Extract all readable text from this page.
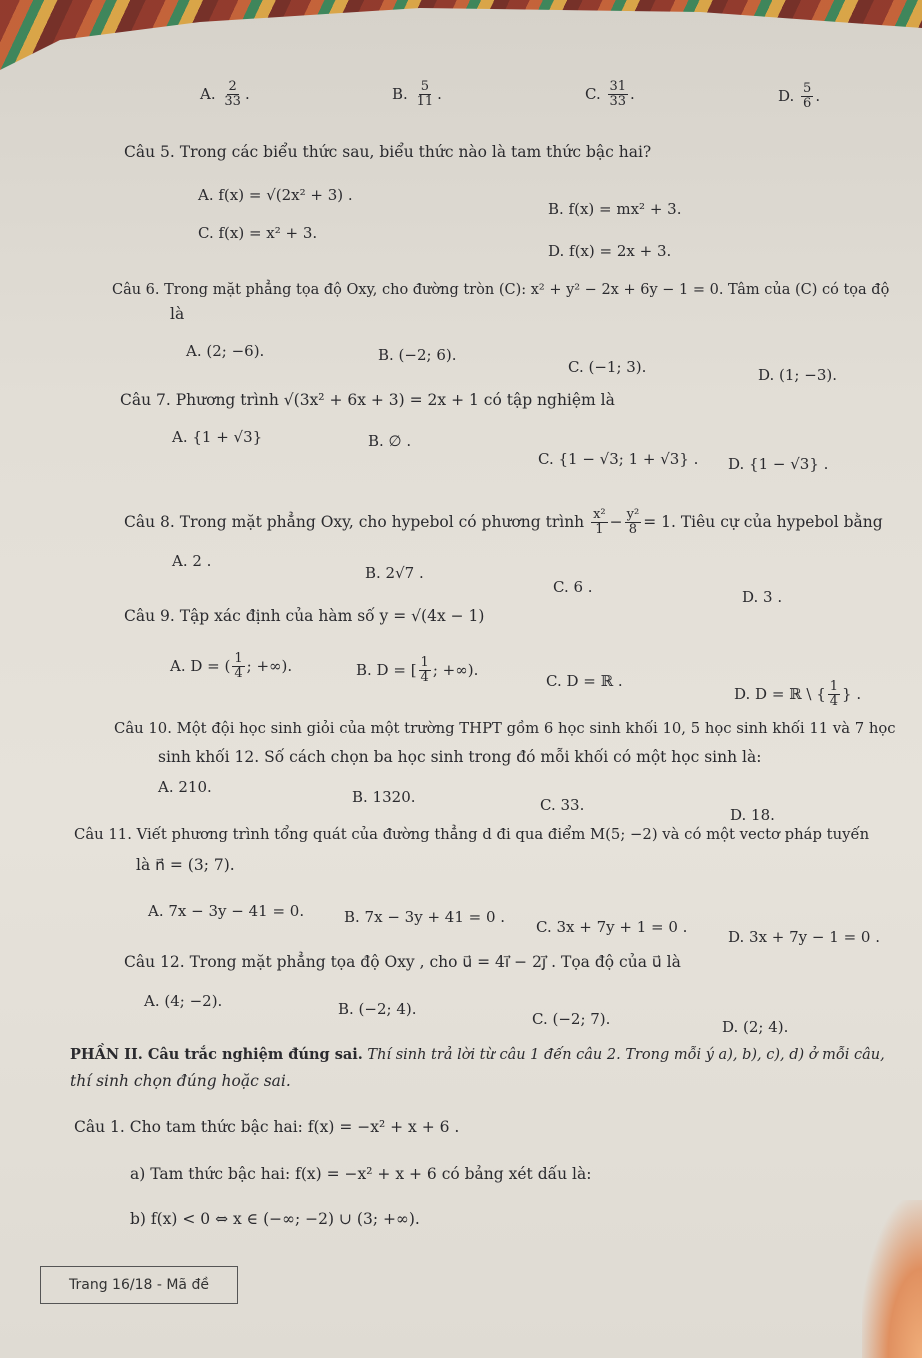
A. $\frac{2}{33}$ .	B. $\frac{5}{11}$ .	C. $\frac{31}{33}$ .	D. $\frac{5}{6}$ .
Câu 5. Trong các biểu thức sau, biểu thức nào là tam thức bậc hai?
A. f(x) = √(2x² + 3) .
B. f(x) = mx² + 3.
C. f(x) = x² + 3.
D. f(x) = 2x + 3.
Câu 6. Trong mặt phẳng tọa độ Oxy, cho đường tròn (C): x² + y² − 2x + 6y − 1 = 0. Tâm của (C) có tọa độ
là
A. (2; −6).	B. (−2; 6).
C. (−1; 3).	D. (1; −3).
Câu 7. Phương trình √(3x² + 6x + 3) = 2x + 1 có tập nghiệm là
A. {1 + √3}	B. ∅ .
C. {1 − √3; 1 + √3} . D. {1 − √3} .
Câu 8. Trong mặt phẳng Oxy, cho hypebol có phương trình $\frac{\text{x²}}{1} - \frac{\text{y²}}{8} = 1$. Tiêu cự của hypebol bằng
A. 2 .
B. 2√7 .
C. 6 .
D. 3 .
Câu 9. Tập xác định của hàm số y = √(4x − 1)
A. D = ( $\frac{1}{4}$ ; +∞).	B. D = [ $\frac{1}{4}$ ; +∞).
C. D = ℝ .
D. D = ℝ \ { $\frac{1}{4}$ } .
Câu 10. Một đội học sinh giỏi của một trường THPT gồm 6 học sinh khối 10, 5 học sinh khối 11 và 7 học
sinh khối 12. Số cách chọn ba học sinh trong đó mỗi khối có một học sinh là:
A. 210.
B. 1320.	C. 33.
D. 18.
Câu 11. Viết phương trình tổng quát của đường thẳng d đi qua điểm M(5; −2) và có một vectơ pháp tuyến
là n⃗ = (3; 7).
A. 7x − 3y − 41 = 0.	B. 7x − 3y + 41 = 0 .
C. 3x + 7y + 1 = 0 .
D. 3x + 7y − 1 = 0 .
Câu 12. Trong mặt phẳng tọa độ Oxy , cho u⃗ = 4i⃗ − 2j⃗ . Tọa độ của u⃗ là
A. (4; −2).	B. (−2; 4).
C. (−2; 7).	D. (2; 4).
PHẦN II. Câu trắc nghiệm đúng sai. Thí sinh trả lời từ câu 1 đến câu 2. Trong mỗi ý a), b), c), d) ở mỗi câu,
thí sinh chọn đúng hoặc sai.
Câu 1. Cho tam thức bậc hai: f(x) = −x² + x + 6 .
a) Tam thức bậc hai: f(x) = −x² + x + 6 có bảng xét dấu là:
b) f(x) < 0 ⇔ x ∈ (−∞; −2) ∪ (3; +∞).
Trang 16/18 - Mã đề
